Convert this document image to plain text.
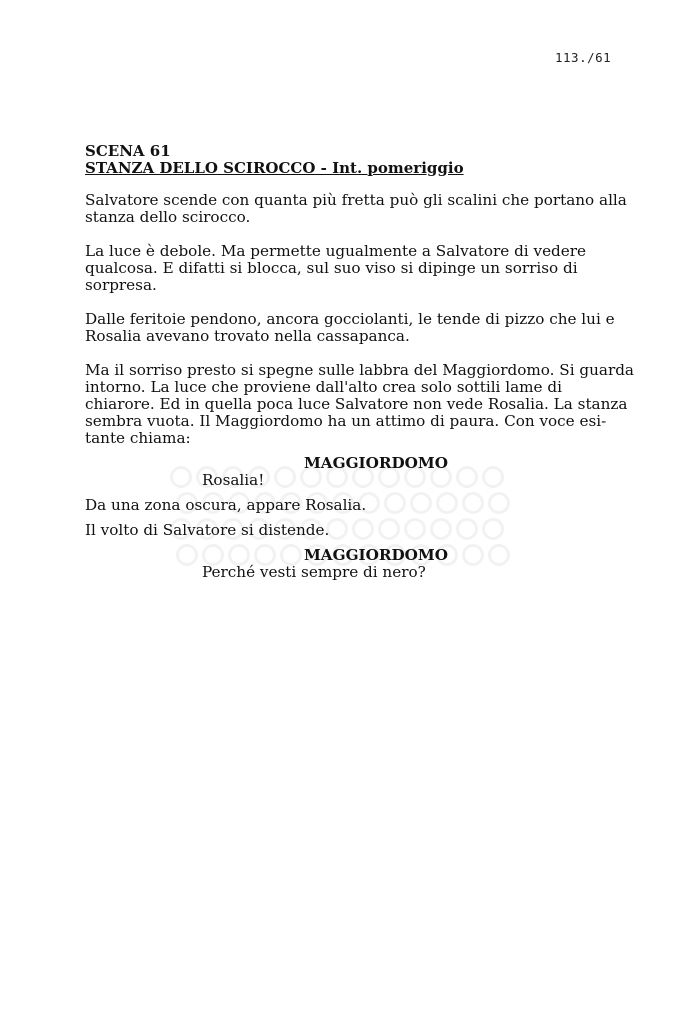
113./61
SCENA 61
STANZA DELLO SCIROCCO - Int. pomeriggio

Salvatore scende con quanta più fretta può gli scalini che portano alla
stanza dello scirocco.

La luce è debole. Ma permette ugualmente a Salvatore di vedere
qualcosa. E difatti si blocca, sul suo viso si dipinge un sorriso di
sorpresa.

Dalle feritoie pendono, ancora gocciolanti, le tende di pizzo che lui e
Rosalia avevano trovato nella cassapanca.

Ma il sorriso presto si spegne sulle labbra del Maggiordomo. Si guarda
intorno. La luce che proviene dall'alto crea solo sottili lame di
chiarore. Ed in quella poca luce Salvatore non vede Rosalia. La stanza
sembra vuota. Il Maggiordomo ha un attimo di paura. Con voce esi-
tante chiama:

MAGGIORDOMO
Rosalia!

Da una zona oscura, appare Rosalia.

Il volto di Salvatore si distende.

MAGGIORDOMO
Perché vesti sempre di nero?
